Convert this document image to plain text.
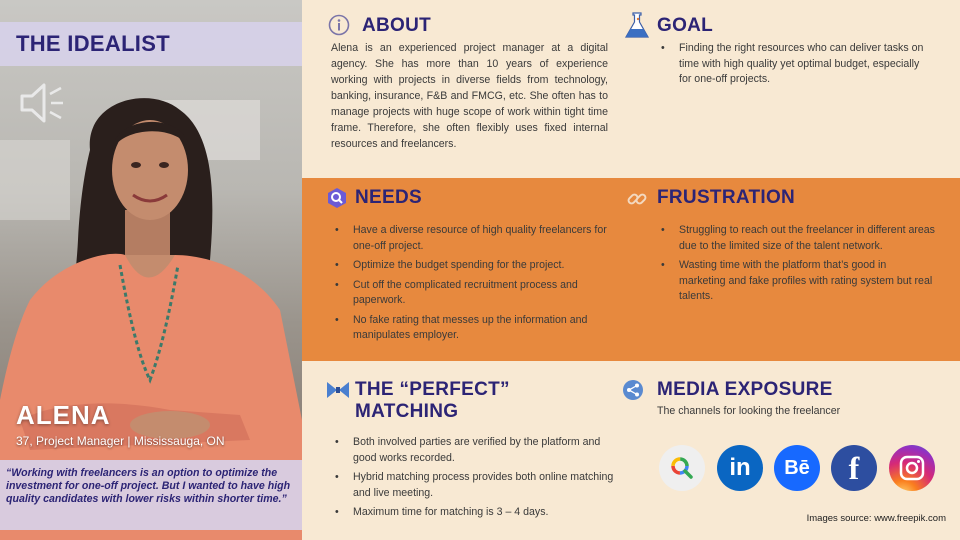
THE IDEALIST
ALENA
37, Project Manager | Mississauga, ON

“Working with freelancers is an option to optimize the investment for one-off project. But I wanted to have high quality candidates with lower risks within shorter time.”

ABOUT

Alena is an experienced project manager at a digital agency. She has more than 10 years of experience working with projects in diverse fields from technology, banking, insurance, F&B and FMCG, etc. She often has to manage projects with huge scope of work within tight time frame. Therefore, she often flexibly uses fixed internal resources and freelancers.

GOAL
• Finding the right resources who can deliver tasks on time with high quality yet optimal budget, especially for one-off projects.
NEEDS
• Have a diverse resource of high quality freelancers for one-off project.
• Optimize the budget spending for the project.
• Cut off the complicated recruitment process and paperwork.
• No fake rating that messes up the information and manipulates employer.
FRUSTRATION
• Struggling to reach out the freelancer in different areas due to the limited size of the talent network.
• Wasting time with the platform that’s good in marketing and fake profiles with rating system but real talents.
THE “PERFECT”
MATCHING
• Both involved parties are verified by the platform and good works recorded.
• Hybrid matching process provides both online matching and live meeting.
• Maximum time for matching is 3 – 4 days.
MEDIA EXPOSURE
The channels for looking the freelancer
in	Bē	f
Images source: www.freepik.com
